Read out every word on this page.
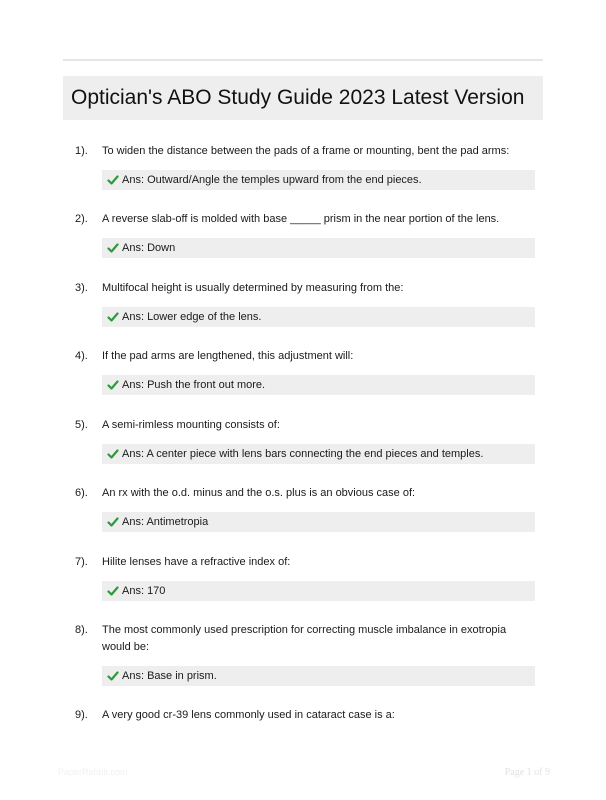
Optician's ABO Study Guide 2023 Latest Version
1).	To widen the distance between the pads of a frame or mounting, bent the pad arms:
Ans: Outward/Angle the temples upward from the end pieces.
2).	A reverse slab-off is molded with base _____ prism in the near portion of the lens.
Ans: Down
3).	Multifocal height is usually determined by measuring from the:
Ans: Lower edge of the lens.
4).	If the pad arms are lengthened, this adjustment will:
Ans: Push the front out more.
5).	A semi-rimless mounting consists of:
Ans: A center piece with lens bars connecting the end pieces and temples.
6).	An rx with the o.d. minus and the o.s. plus is an obvious case of:
Ans: Antimetropia
7).	Hilite lenses have a refractive index of:
Ans: 170
8).	The most commonly used prescription for correcting muscle imbalance in exotropia would be:
Ans: Base in prism.
9).	A very good cr-39 lens commonly used in cataract case is a:
PaperRabbit.com	Page 1 of 9
